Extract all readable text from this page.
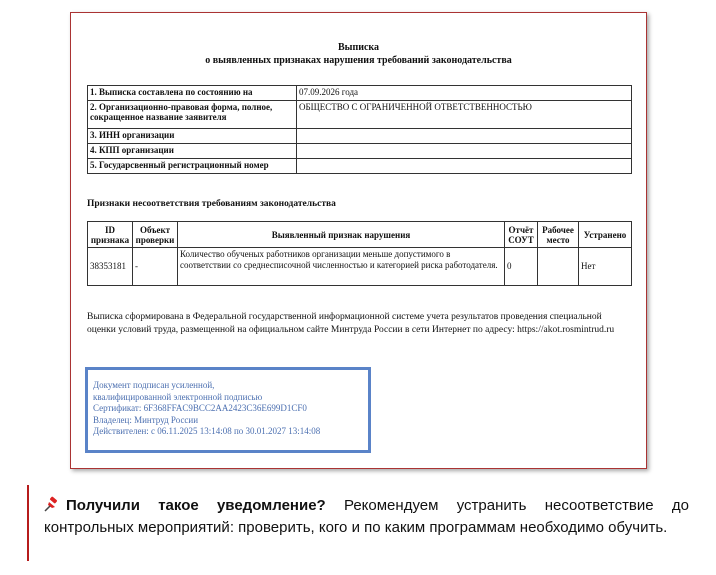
Выписка
о выявленных признаках нарушения требований законодательства
1. Выписка составлена по состоянию на	07.09.2026 года
2. Организационно-правовая форма, полное, сокращенное название заявителя	ОБЩЕСТВО С ОГРАНИЧЕННОЙ ОТВЕТСТВЕННОСТЬЮ
3. ИНН организации	
4. КПП организации	
5. Государсвенный регистрационный номер	
Признаки несоответствия требованиям законодательства
ID признака	Объект проверки	Выявленный признак нарушения	Отчёт СОУТ	Рабочее место	Устранено
38353181	-	Количество обученых работников организации меньше допустимого в соответствии со среднесписочной численностью и категорией риска работодателя.	0		Нет
Выписка сформирована в Федеральной государственной информационной системе учета результатов проведения специальной оценки условий труда, размещенной на официальном сайте Минтруда России в сети Интернет по адресу: https://akot.rosmintrud.ru
Документ подписан усиленной,
квалифицированной электронной подписью
Сертификат: 6F368FFAC9BCC2AA2423C36E699D1CF0
Владелец: Минтруд России
Действителен: с 06.11.2025 13:14:08 по 30.01.2027 13:14:08
Получили такое уведомление? Рекомендуем устранить несоответствие до контрольных мероприятий: проверить, кого и по каким программам необходимо обучить.
